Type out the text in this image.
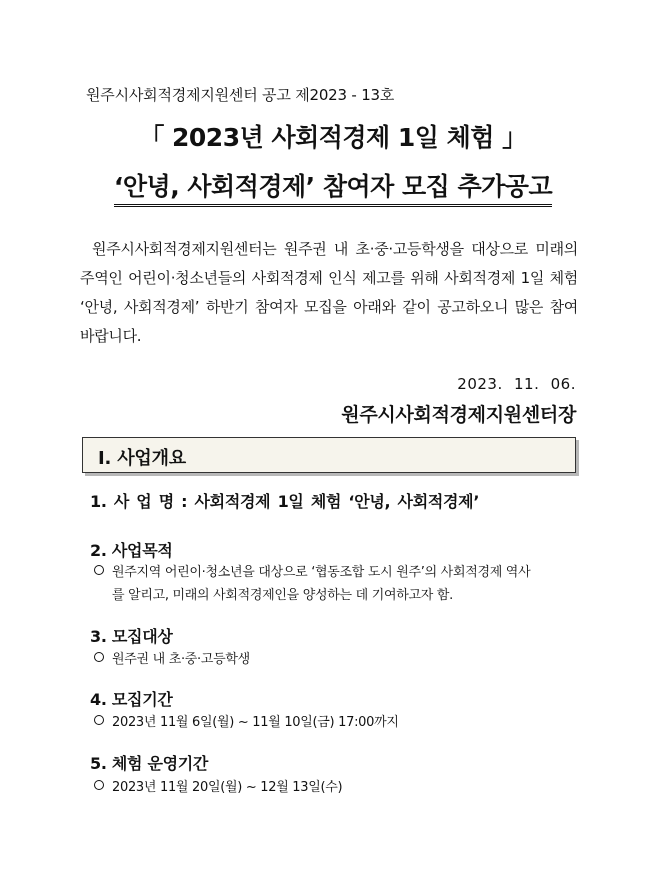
원주시사회적경제지원센터 공고 제2023 - 13호
「 2023년 사회적경제 1일 체험 」
‘안녕, 사회적경제’ 참여자 모집 추가공고
원주시사회적경제지원센터는 원주권 내 초·중·고등학생을 대상으로 미래의 주역인 어린이·청소년들의 사회적경제 인식 제고를 위해 사회적경제 1일 체험 ‘안녕, 사회적경제’ 하반기 참여자 모집을 아래와 같이 공고하오니 많은 참여 바랍니다.
2023. 11. 06.
원주시사회적경제지원센터장
Ⅰ. 사업개요
1. 사 업 명 : 사회적경제 1일 체험 ‘안녕, 사회적경제’
2. 사업목적
원주지역 어린이·청소년을 대상으로 ‘협동조합 도시 원주’의 사회적경제 역사
를 알리고, 미래의 사회적경제인을 양성하는 데 기여하고자 함.
3. 모집대상
원주권 내 초·중·고등학생
4. 모집기간
2023년 11월 6일(월) ~ 11월 10일(금) 17:00까지
5. 체험 운영기간
2023년 11월 20일(월) ~ 12월 13일(수)
